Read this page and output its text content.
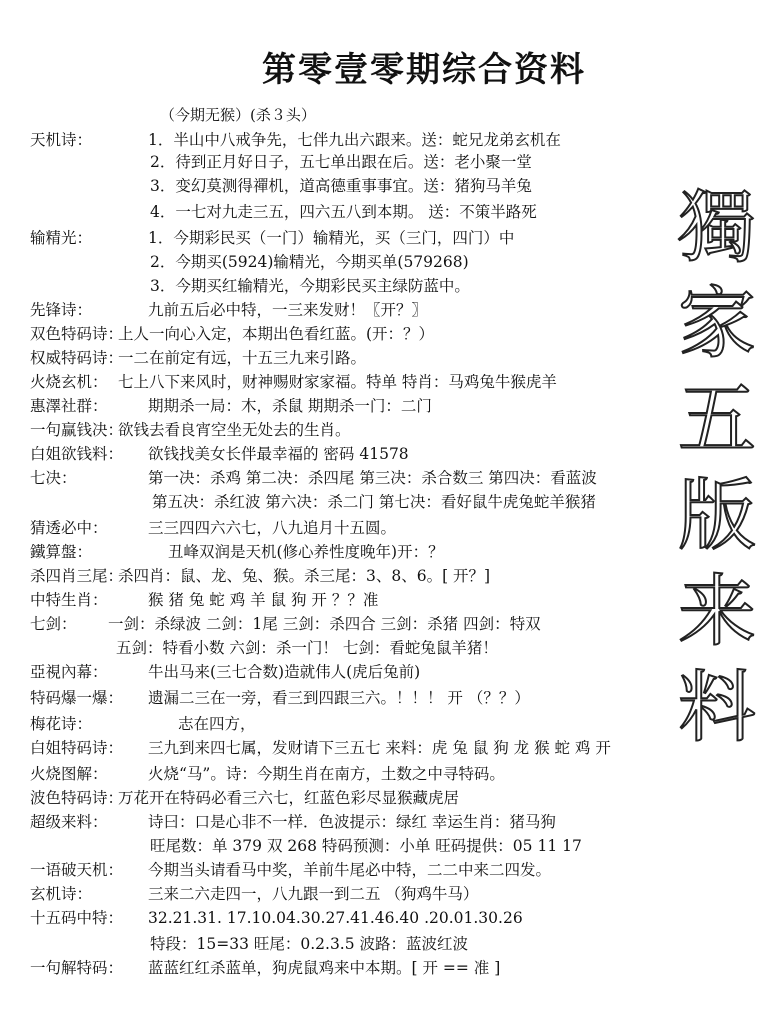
第零壹零期综合资料
（今期无猴）(杀３头）
天机诗：	1．半山中八戒争先，七伴九出六跟来。送：蛇兄龙弟玄机在
2．待到正月好日子，五七单出跟在后。送：老小聚一堂
3．变幻莫测得禪机，道高德重事事宜。送：猪狗马羊兔
4．一七对九走三五，四六五八到本期。 送：不策半路死
输精光：	1．今期彩民买（一门）输精光，买（三门，四门）中
2．今期买(5924)输精光，今期买单(579268)
3．今期买红输精光，今期彩民买主绿防蓝中。
先锋诗：	九前五后必中特，一三来发财！〖开？〗
双色特码诗：
上人一向心入定，本期出色看红蓝。(开：？）
权威特码诗：
一二在前定有远，十五三九来引路。
火烧玄机： 七上八下来风时，财神赐财家家福。特单 特肖：马鸡兔牛猴虎羊
惠澤社群：	期期杀一局：木，杀鼠 期期杀一门：二门
一句赢钱决：
欲钱去看良宵空坐无处去的生肖。
白姐欲钱料： 欲钱找美女长伴最幸福的 密码 41578
七决：	第一决：杀鸡 第二决：杀四尾 第三决：杀合数三 第四决：看蓝波
第五决：杀红波 第六决：杀二门 第七决：看好鼠牛虎兔蛇羊猴猪
猜透必中：	三三四四六六七，八九追月十五圆。
鐵算盤：	丑峰双润是天机(修心养性度晚年)开：？
杀四肖三尾：
杀四肖：鼠、龙、兔、猴。杀三尾：3、8、6。[ 开？]
中特生肖：	猴 猪 兔 蛇 鸡 羊 鼠 狗 开 ？？准
七剑： 一剑：杀绿波 二剑：1尾 三剑：杀四合 三剑：杀猪 四剑：特双
五剑：特看小数 六剑：杀一门！ 七剑：看蛇兔鼠羊猪！
亞視內幕：	牛出马来(三七合数)造就伟人(虎后兔前)
特码爆一爆： 遗漏二三在一旁，看三到四跟三六。！！！ 开 （？？）
梅花诗：	志在四方，
白姐特码诗： 三九到来四七属，发财请下三五七 来料：虎 兔 鼠 狗 龙 猴 蛇 鸡 开
火烧图解：	火烧“马”。诗：今期生肖在南方，土数之中寻特码。
波色特码诗：
万花开在特码必看三六七，红蓝色彩尽显猴藏虎居
超级来料：	诗曰：口是心非不一样．色波提示：绿红 幸运生肖：猪马狗
旺尾数：单 379 双 268 特码预测：小单 旺码提供：05 11 17
一语破天机： 今期当头请看马中奖，羊前牛尾必中特，二二中来二四发。
玄机诗：	三来二六走四一，八九跟一到二五 （狗鸡牛马）
十五码中特： 32.21.31. 17.10.04.30.27.41.46.40 .20.01.30.26
特段：15=33 旺尾：0.2.3.5 波路：蓝波红波
一句解特码： 蓝蓝红红杀蓝单，狗虎鼠鸡来中本期。[ 开 == 准 ]
獨
家
五
版
来
料
